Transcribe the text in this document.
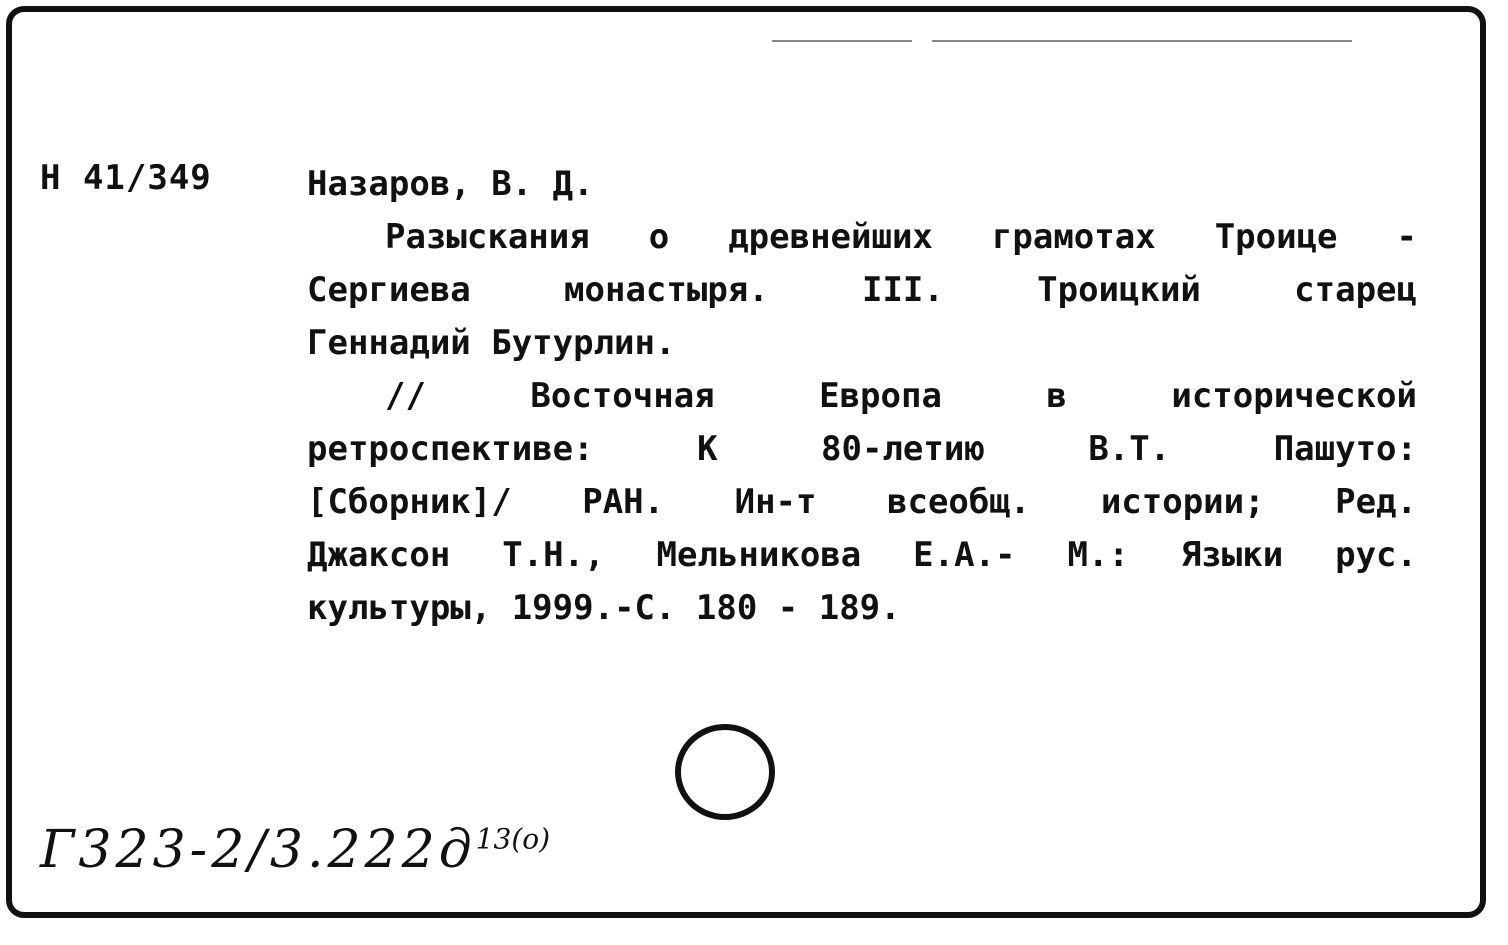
Н 41/349	Назаров, В. Д.
Разыскания о древнейших грамотах Троице -
Сергиева монастыря. III. Троицкий старец
Геннадий Бутурлин.
// Восточная Европа в исторической
ретроспективе: К 80-летию В.Т. Пашуто:
[Сборник]/ РАН. Ин-т всеобщ. истории; Ред.
Джаксон Т.Н., Мельникова Е.А.- М.: Языки рус.
культуры, 1999.-С. 180 - 189.
$Г323-2/3.222д^{13(о)}$
